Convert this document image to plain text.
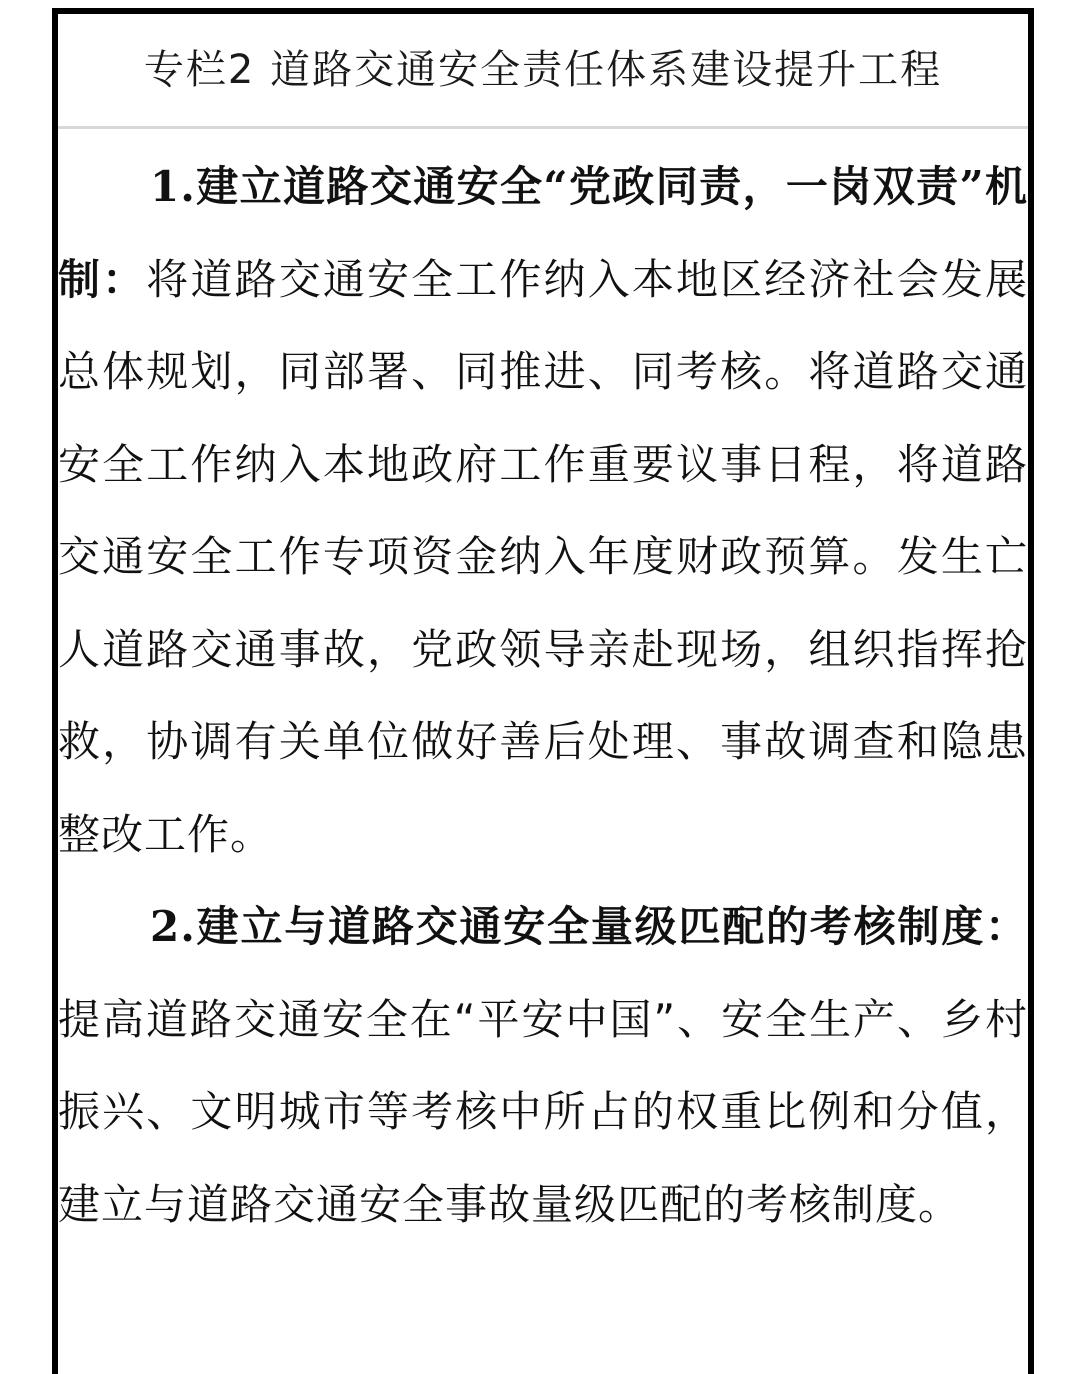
专栏2 道路交通安全责任体系建设提升工程

1.建立道路交通安全“党政同责，一岗双责”机制：将道路交通安全工作纳入本地区经济社会发展总体规划，同部署、同推进、同考核。将道路交通安全工作纳入本地政府工作重要议事日程，将道路交通安全工作专项资金纳入年度财政预算。发生亡人道路交通事故，党政领导亲赴现场，组织指挥抢救，协调有关单位做好善后处理、事故调查和隐患整改工作。

2.建立与道路交通安全量级匹配的考核制度：提高道路交通安全在“平安中国”、安全生产、乡村振兴、文明城市等考核中所占的权重比例和分值，建立与道路交通安全事故量级匹配的考核制度。
